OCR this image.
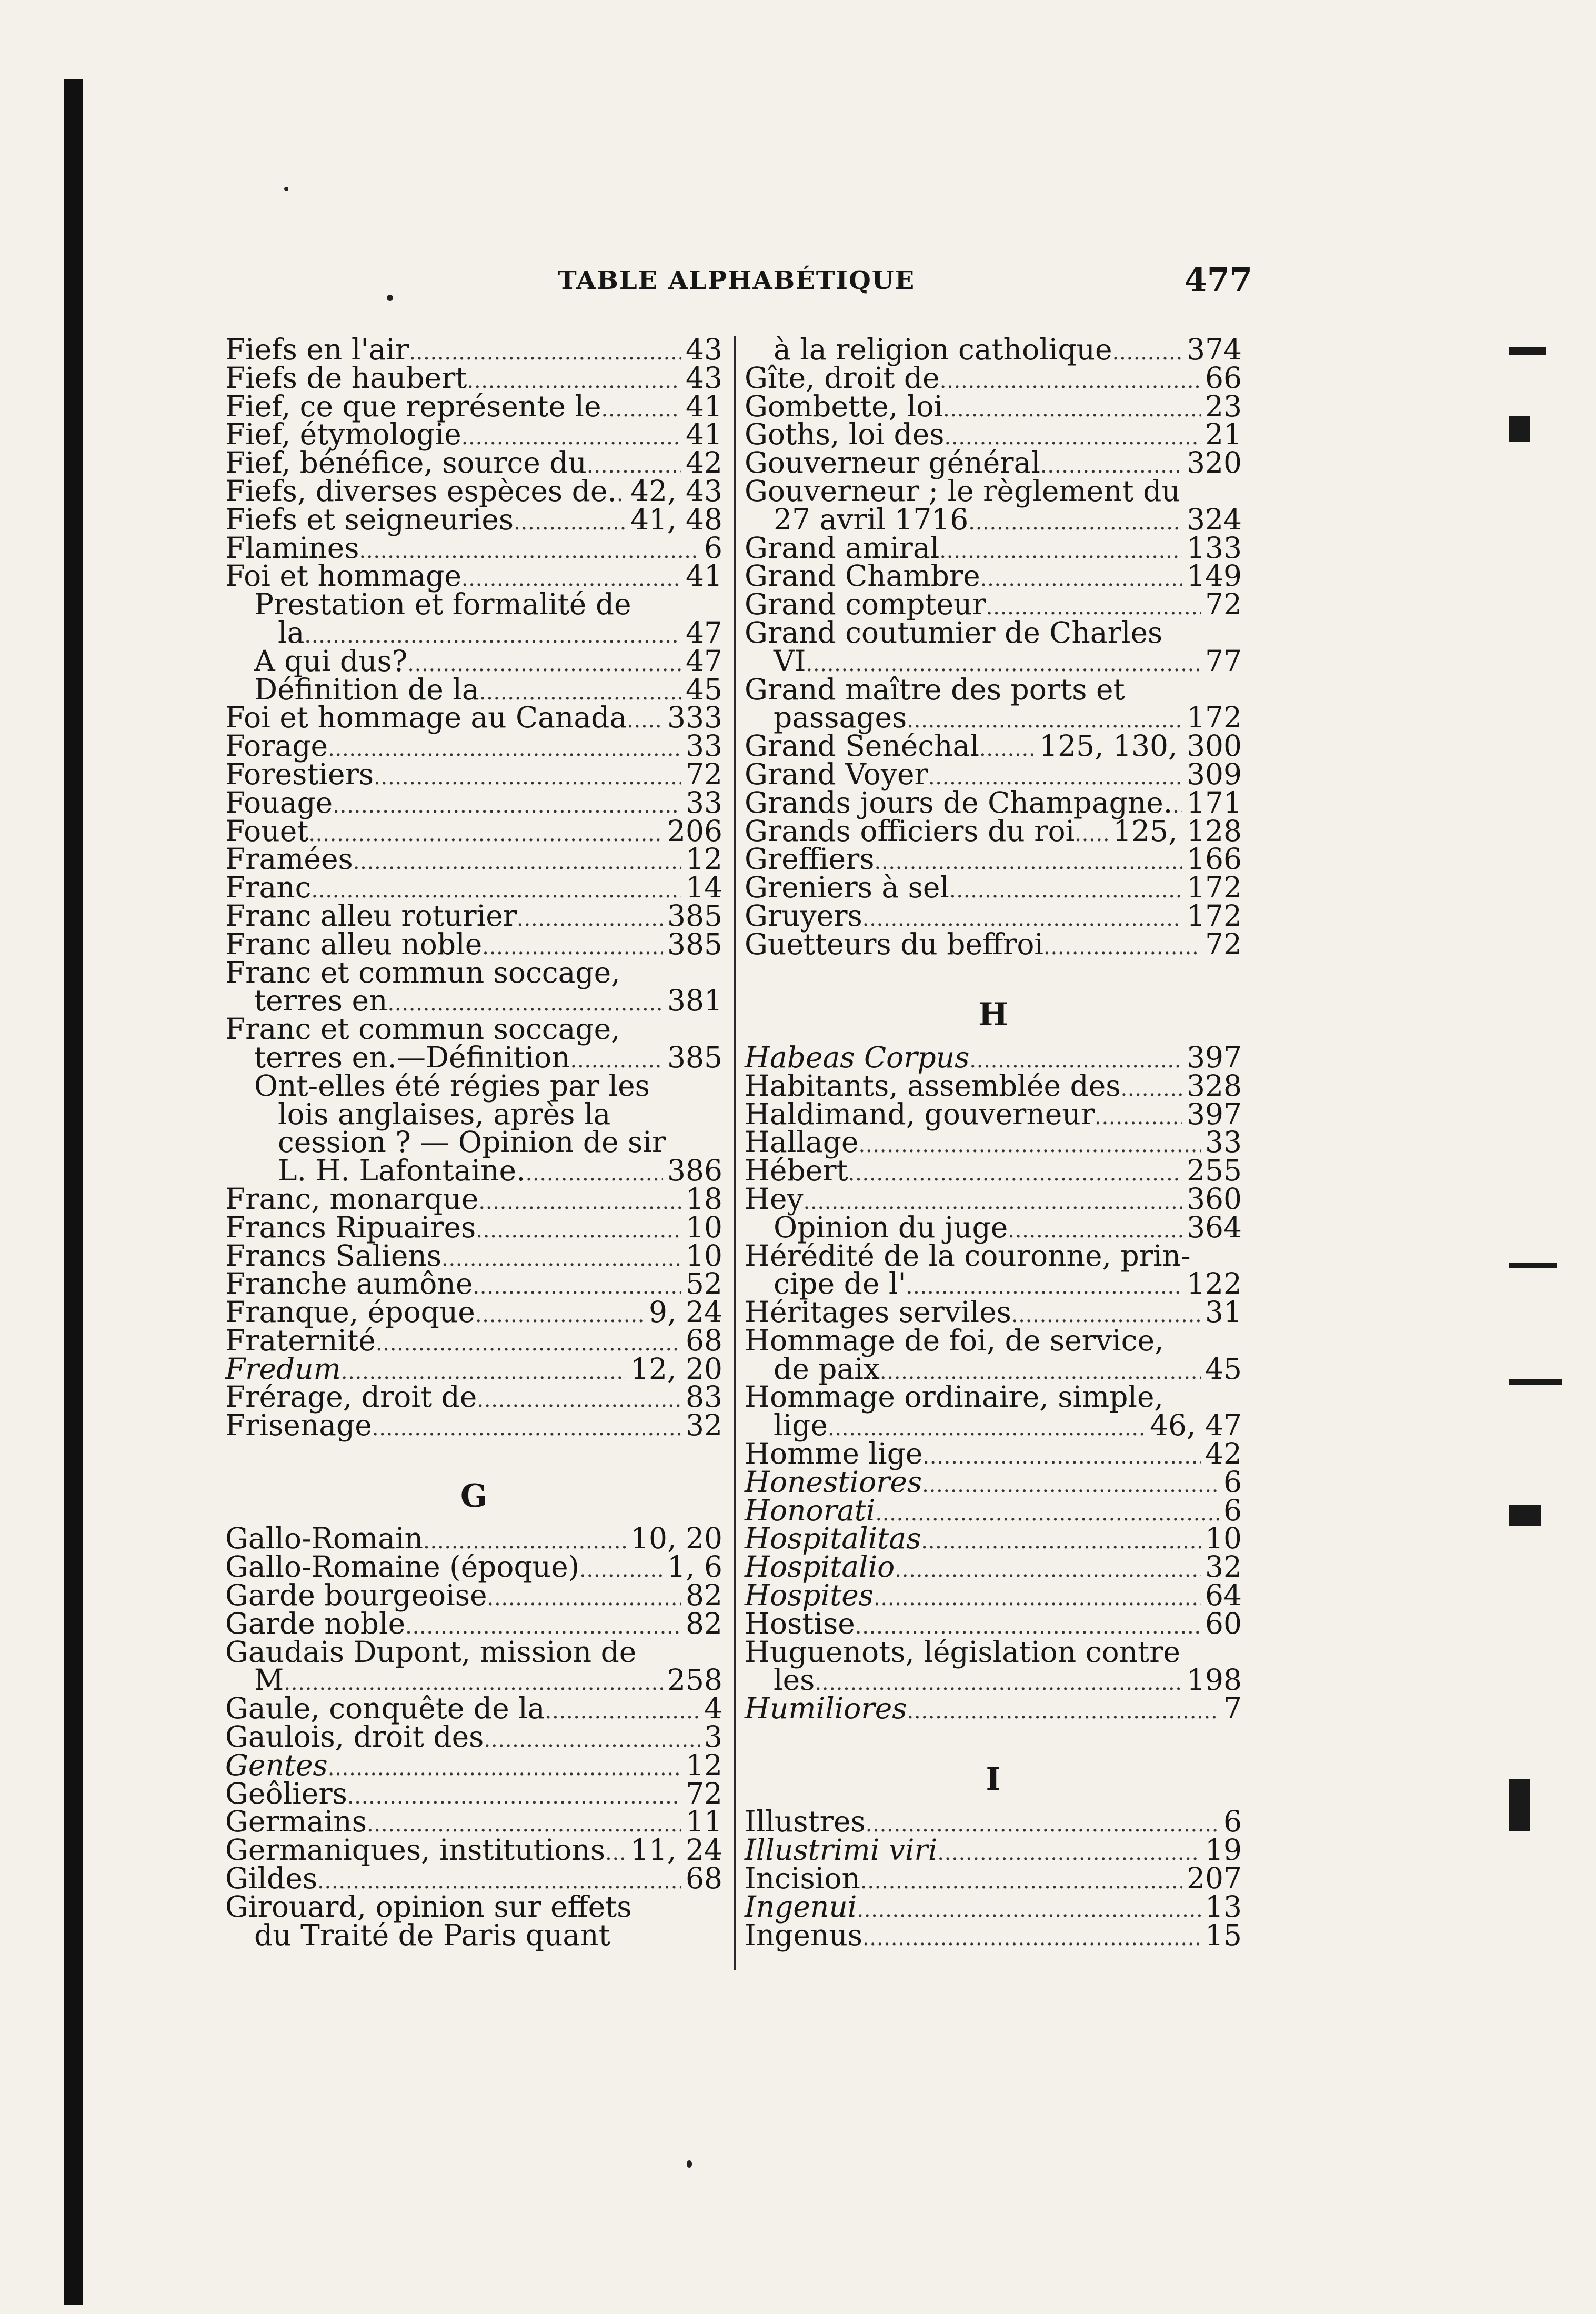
TABLE ALPHABÉTIQUE	477
Fiefs en l'air . . .	43
Fiefs de haubert . . .	43
Fief, ce que représente le . . .	41
Fief, étymologie . . .	41
Fief, bénéfice, source du . . .	42
Fiefs, diverses espèces de. . . . 42, 43
Fiefs et seigneuries . . .	41, 48
Flamines . . .	6
Foi et hommage . . .	41
Prestation et formalité de
la . . .	47
A qui dus? . . .	47
Définition de la . . .	45
Foi et hommage au Canada . . . 333
Forage . . .	33
Forestiers . . .	72
Fouage . . .	33
Fouet . . .	206
Framées . . .	12
Franc . . .	14
Franc alleu roturier . . .	385
Franc alleu noble . . .	385
Franc et commun soccage,
terres en . . .	381
Franc et commun soccage,
terres en.—Définition . . .	385
Ont-elles été régies par les
lois anglaises, après la
cession ? — Opinion de sir
L. H. Lafontaine. . . .	386
Franc, monarque . . .	18
Francs Ripuaires . . .	10
Francs Saliens . . .	10
Franche aumône . . .	52
Franque, époque . . .	9, 24
Fraternité . . .	68
Fredum . . .	12, 20
Frérage, droit de . . .	83
Frisenage . . .	32
G
Gallo-Romain . . .	10, 20
Gallo-Romaine (époque) . . .	1, 6
Garde bourgeoise . . .	82
Garde noble . . .	82
Gaudais Dupont, mission de
M . . .	258
Gaule, conquête de la . . .	4
Gaulois, droit des . . .	3
Gentes . . .	12
Geôliers . . .	72
Germains . . .	11
Germaniques, institutions . . . 11, 24
Gildes . . .	68
Girouard, opinion sur effets
du Traité de Paris quant
à la religion catholique . . .	374
Gîte, droit de . . .	66
Gombette, loi . . .	23
Goths, loi des . . .	21
Gouverneur général . . .	320
Gouverneur ; le règlement du
27 avril 1716 . . .	324
Grand amiral . . .	133
Grand Chambre . . .	149
Grand compteur . . .	72
Grand coutumier de Charles
VI . . .	77
Grand maître des ports et
passages . . .	172
Grand Senéchal . . . 125, 130, 300
Grand Voyer . . .	309
Grands jours de Champagne. . . . 171
Grands officiers du roi . . . 125, 128
Greffiers . . .	166
Greniers à sel . . .	172
Gruyers . . .	172
Guetteurs du beffroi . . .	72
H
Habeas Corpus . . .	397
Habitants, assemblée des . . . 328
Haldimand, gouverneur . . .	397
Hallage . . .	33
Hébert . . .	255
Hey . . .	360
Opinion du juge . . .	364
Hérédité de la couronne, prin-
cipe de l' . . .	122
Héritages serviles . . .	31
Hommage de foi, de service,
de paix . . .	45
Hommage ordinaire, simple,
lige . . .	46, 47
Homme lige . . .	42
Honestiores . . .	6
Honorati . . .	6
Hospitalitas . . .	10
Hospitalio . . .	32
Hospites . . .	64
Hostise . . .	60
Huguenots, législation contre
les . . .	198
Humiliores . . .	7
I
Illustres . . .	6
Illustrimi viri . . .	19
Incision . . .	207
Ingenui . . .	13
Ingenus . . .	15
